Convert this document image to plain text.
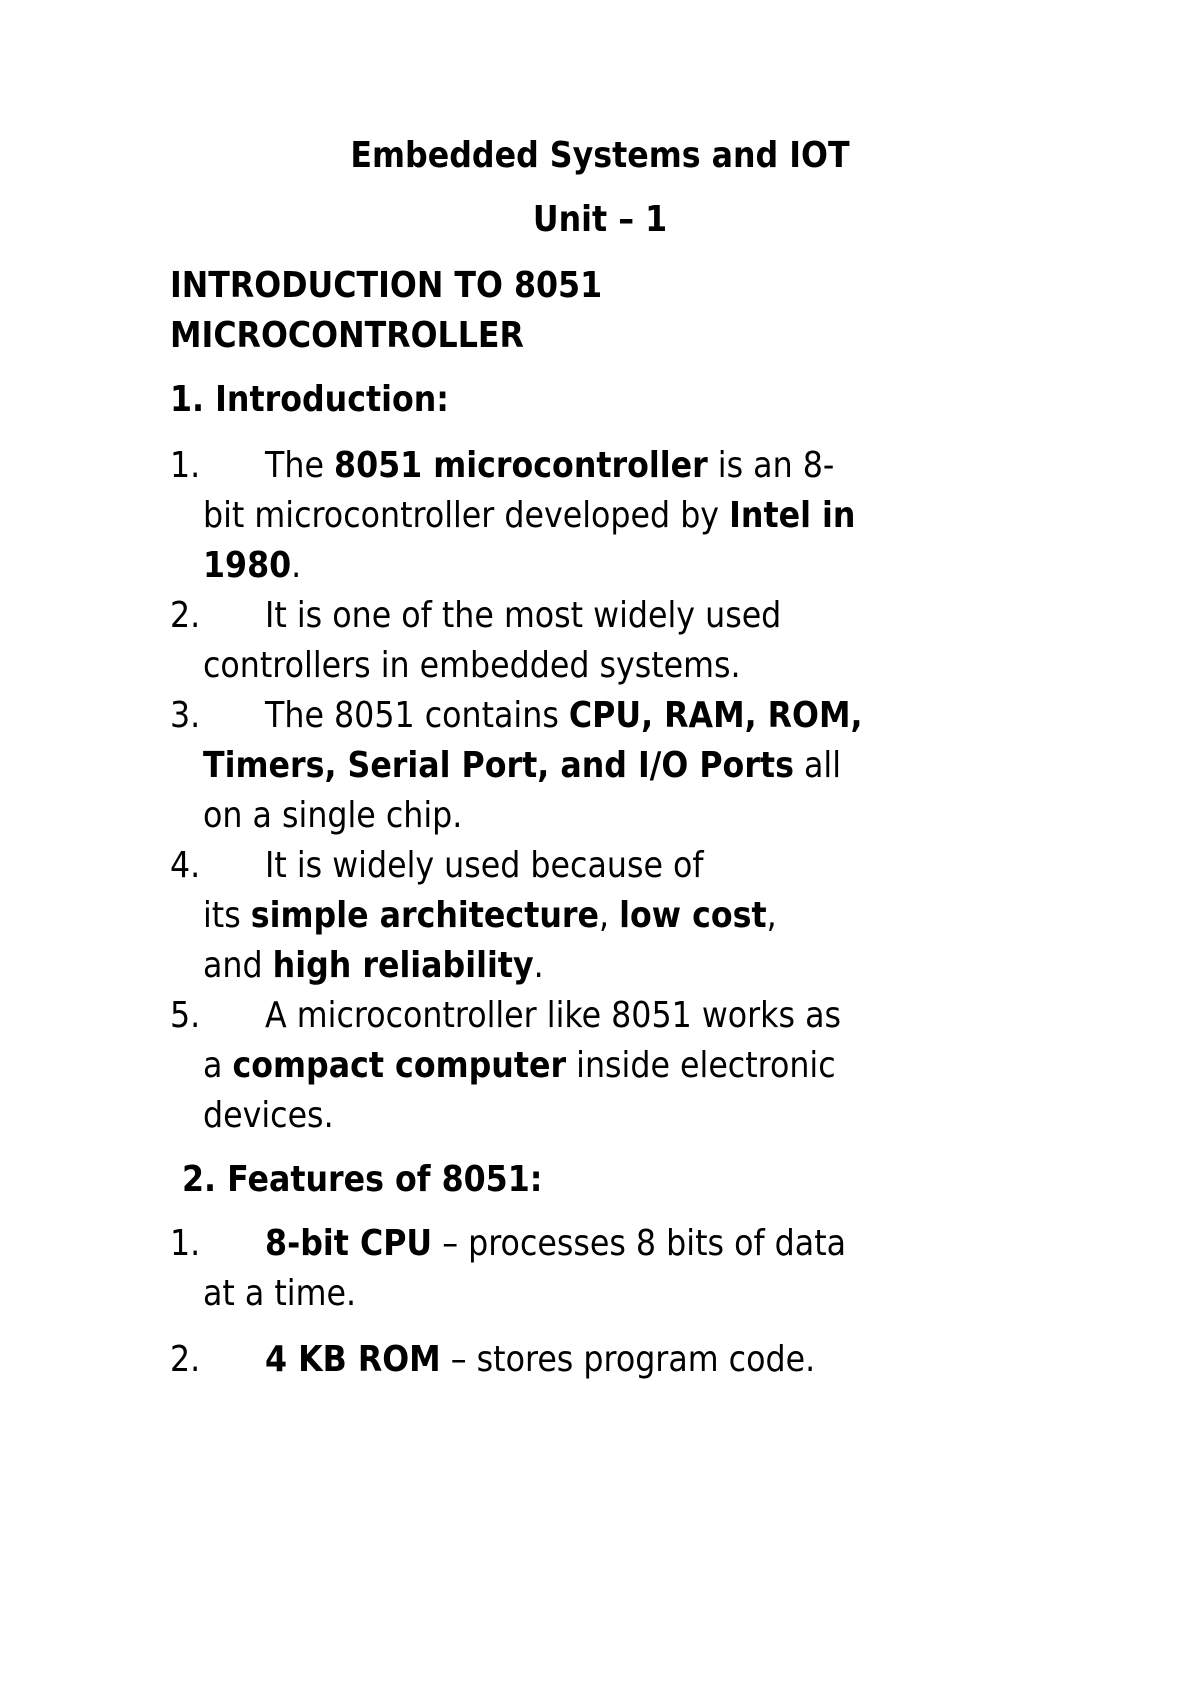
Embedded Systems and IOT
Unit – 1
INTRODUCTION TO 8051
MICROCONTROLLER
1. Introduction:
1. The 8051 microcontroller is an 8-
bit microcontroller developed by Intel in
1980.
2. It is one of the most widely used
controllers in embedded systems.
3. The 8051 contains CPU, RAM, ROM,
Timers, Serial Port, and I/O Ports all
on a single chip.
4. It is widely used because of
its simple architecture, low cost,
and high reliability.
5. A microcontroller like 8051 works as
a compact computer inside electronic
devices.
2. Features of 8051:
1. 8-bit CPU – processes 8 bits of data
at a time.
2. 4 KB ROM – stores program code.
